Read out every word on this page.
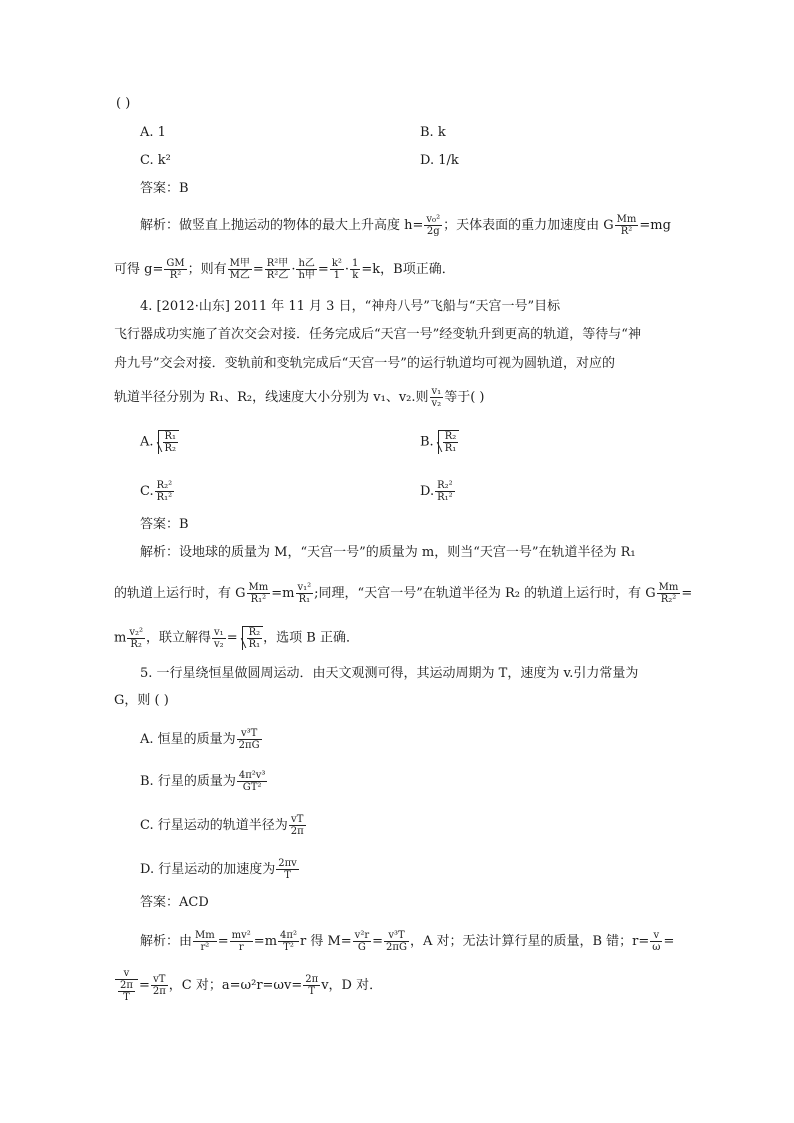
( )
A. 1	B. k
C. k²	D. 1/k
答案：B
解析：做竖直上抛运动的物体的最大上升高度 $h= \frac{\text{v₀²}}{2g}$ ；天体表面的重力加速度由 G $\frac{Mm}{\text{R²}} =mg$
可得 $g= \frac{GM}{\text{R²}}$ ；则有 $\frac{\text{M甲}}{\text{M乙}} = \frac{\text{R²甲}}{\text{R²乙}} \cdot \frac{\text{h乙}}{\text{h甲}} = \frac{\text{k²}}{1} \cdot \frac{1}{k} =k$，B项正确．
4. [2012·山东] 2011 年 11 月 3 日，“神舟八号”飞船与“天宫一号”目标
飞行器成功实施了首次交会对接．任务完成后“天宫一号”经变轨升到更高的轨道，等待与“神
舟九号”交会对接．变轨前和变轨完成后“天宫一号”的运行轨道均可视为圆轨道，对应的
轨道半径分别为 R₁、R₂，线速度大小分别为 v₁、v₂.则 $\frac{\text{v₁}}{\text{v₂}}$ 等于( )
A. $\frac{\text{R₁}}{\text{R₂}}$	B. $\frac{\text{R₂}}{\text{R₁}}$
C. $\frac{\text{R₂²}}{\text{R₁²}}$	D. $\frac{\text{R₂²}}{\text{R₁²}}$
答案：B
解析：设地球的质量为 M，“天宫一号”的质量为 m，则当“天宫一号”在轨道半径为 R₁
的轨道上运行时，有 G $\frac{Mm}{\text{R₁²}} =m \frac{\text{v₁²}}{\text{R₁}}$ ;同理，“天宫一号”在轨道半径为 R₂ 的轨道上运行时，有 G $\frac{Mm}{\text{R₂²}}$ =
m $\frac{\text{v₂²}}{\text{R₂}}$ ，联立解得 $\frac{\text{v₁}}{\text{v₂}} = \frac{\text{R₂}}{\text{R₁}}$ ，选项 B 正确．
5. 一行星绕恒星做圆周运动．由天文观测可得，其运动周期为 T，速度为 v.引力常量为
G，则 ( )
A. 恒星的质量为 $\frac{\text{v³T}}{2\pi G}$
B. 行星的质量为 $\frac{\text{4π²v³}}{\text{GT²}}$
C. 行星运动的轨道半径为 $\frac{vT}{2\pi}$
D. 行星运动的加速度为 $\frac{2\pi v}{T}$
答案：ACD
解析：由 $\frac{Mm}{\text{r²}} = \frac{\text{mv²}}{r} =m \frac{\text{4π²}}{\text{T²}}$ r 得 $M= \frac{\text{v²r}}{G} = \frac{\text{v³T}}{2\pi G}$ ，A 对；无法计算行星的质量，B 错；$r= \frac{v}{\omega}$ =
$\frac{v}{\frac{2\pi}{T}} = \frac{vT}{2\pi}$ ，C 对；$a=\omega^2r=\omega v= \frac{2\pi}{T}$ v，D 对．
